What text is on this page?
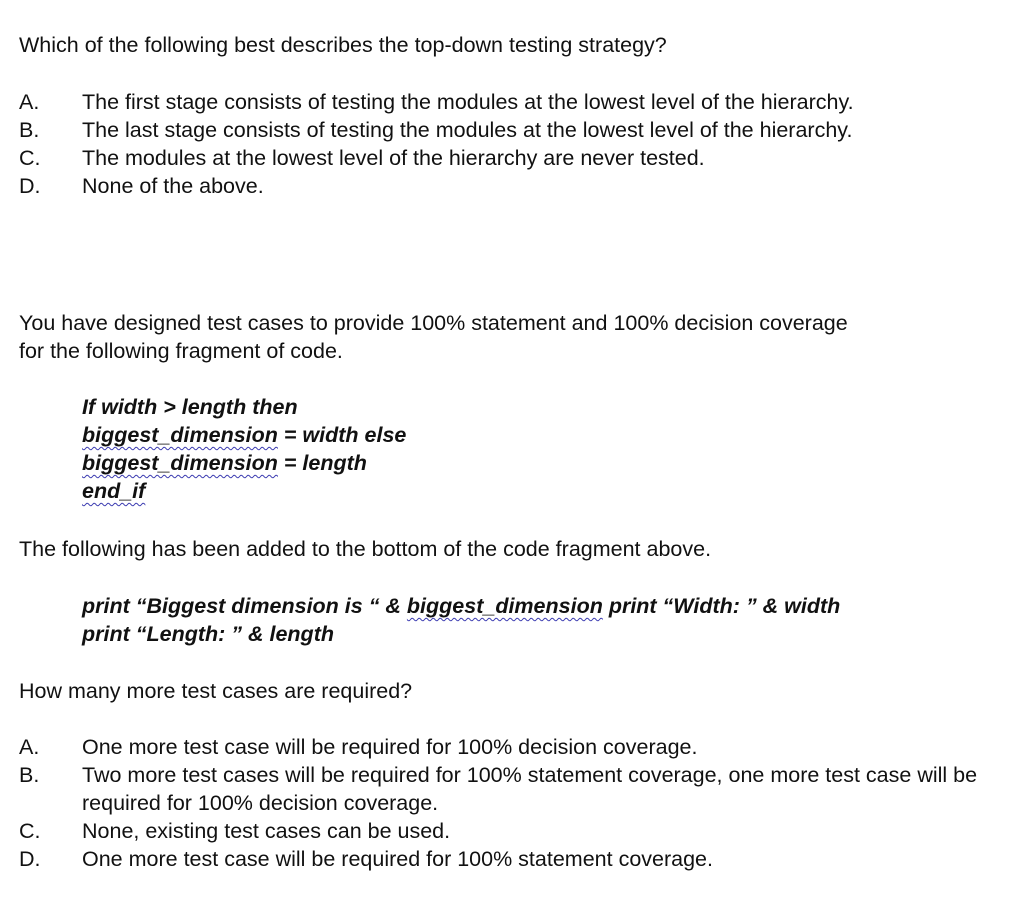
Which of the following best describes the top-down testing strategy?
A.	The first stage consists of testing the modules at the lowest level of the hierarchy.
B.	The last stage consists of testing the modules at the lowest level of the hierarchy.
C.	The modules at the lowest level of the hierarchy are never tested.
D.	None of the above.
You have designed test cases to provide 100% statement and 100% decision coverage
for the following fragment of code.
If width > length then
biggest_dimension = width else
biggest_dimension = length
end_if
The following has been added to the bottom of the code fragment above.
print “Biggest dimension is “ & biggest_dimension print “Width: ” & width
print “Length: ” & length
How many more test cases are required?
A.	One more test case will be required for 100% decision coverage.
B.	Two more test cases will be required for 100% statement coverage, one more test case will be required for 100% decision coverage.
C.	None, existing test cases can be used.
D.	One more test case will be required for 100% statement coverage.
